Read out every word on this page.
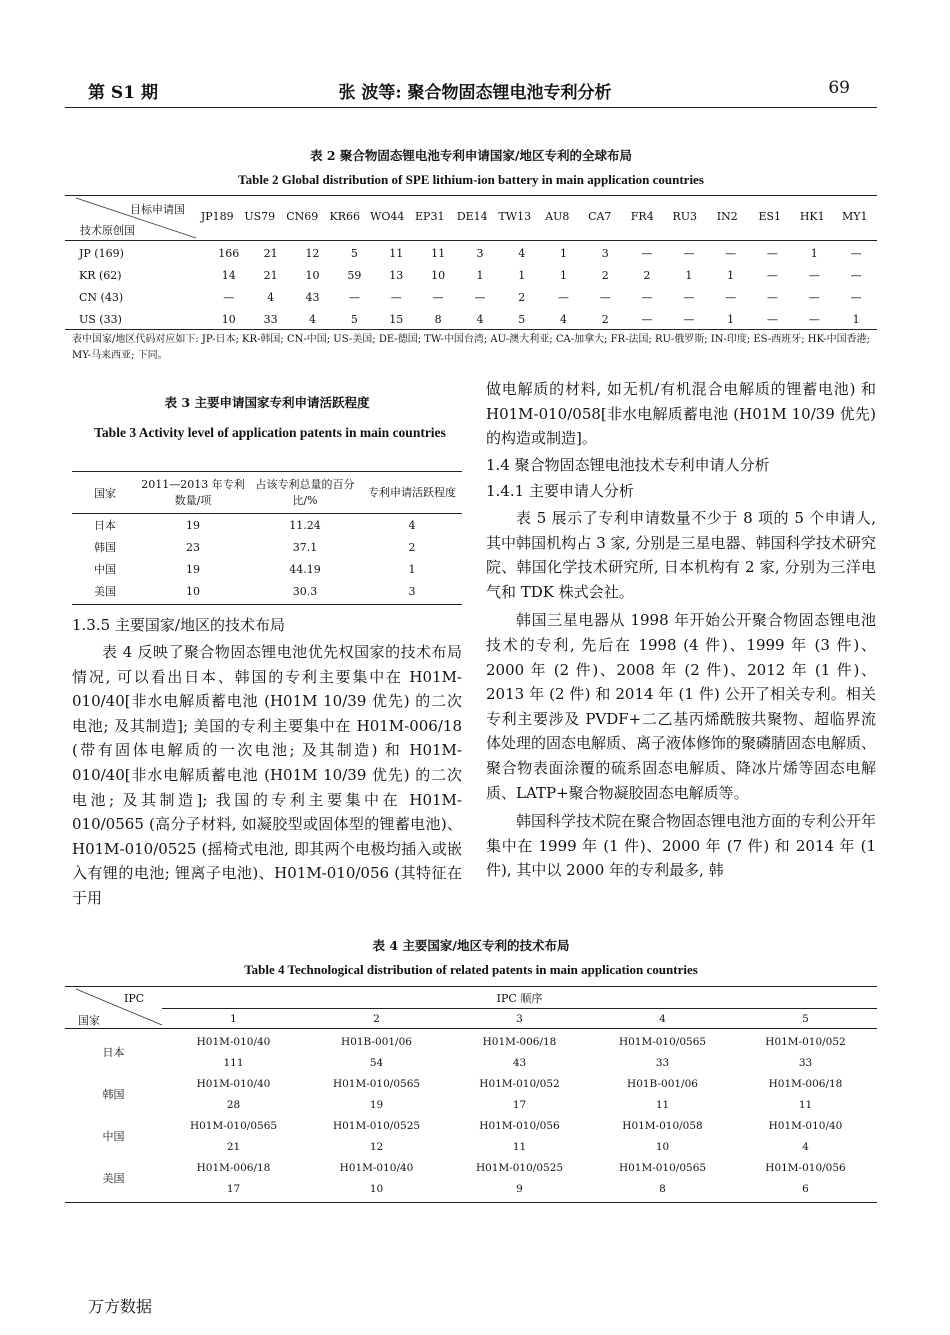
第 S1 期	张 波等: 聚合物固态锂电池专利分析	69
表 2 聚合物固态锂电池专利申请国家/地区专利的全球布局
Table 2 Global distribution of SPE lithium-ion battery in main application countries
目标申请国
技术原创国
JP189	US79	CN69	KR66	WO44	EP31	DE14	TW13	AU8	CA7	FR4	RU3	IN2	ES1	HK1	MY1
JP (169)	166	21	12	5	11	11	3	4	1	3	—	—	—	—	1	—
KR (62)	14	21	10	59	13	10	1	1	1	2	2	1	1	—	—	—
CN (43)	—	4	43	—	—	—	—	2	—	—	—	—	—	—	—	—
US (33)	10	33	4	5	15	8	4	5	4	2	—	—	1	—	—	1
表中国家/地区代码对应如下: JP-日本; KR-韩国; CN-中国; US-美国; DE-德国; TW-中国台湾; AU-澳大利亚; CA-加拿大; FR-法国; RU-俄罗斯; IN-印度; ES-西班牙; HK-中国香港; MY-马来西亚; 下同。
表 3 主要申请国家专利申请活跃程度
Table 3 Activity level of application patents in main countries
国家	2011—2013 年专利数量/项	占该专利总量的百分比/%	专利申请活跃程度
日本	19	11.24	4
韩国	23	37.1	2
中国	19	44.19	1
美国	10	30.3	3
1.3.5 主要国家/地区的技术布局

表 4 反映了聚合物固态锂电池优先权国家的技术布局情况, 可以看出日本、韩国的专利主要集中在 H01M-010/40[非水电解质蓄电池 (H01M 10/39 优先) 的二次电池; 及其制造]; 美国的专利主要集中在 H01M-006/18 (带有固体电解质的一次电池; 及其制造) 和 H01M-010/40[非水电解质蓄电池 (H01M 10/39 优先) 的二次电池; 及其制造]; 我国的专利主要集中在 H01M-010/0565 (高分子材料, 如凝胶型或固体型的锂蓄电池)、H01M-010/0525 (摇椅式电池, 即其两个电极均插入或嵌入有锂的电池; 锂离子电池)、H01M-010/056 (其特征在于用

做电解质的材料, 如无机/有机混合电解质的锂蓄电池) 和 H01M-010/058[非水电解质蓄电池 (H01M 10/39 优先) 的构造或制造]。

1.4 聚合物固态锂电池技术专利申请人分析

1.4.1 主要申请人分析

表 5 展示了专利申请数量不少于 8 项的 5 个申请人, 其中韩国机构占 3 家, 分别是三星电器、韩国科学技术研究院、韩国化学技术研究所, 日本机构有 2 家, 分别为三洋电气和 TDK 株式会社。

韩国三星电器从 1998 年开始公开聚合物固态锂电池技术的专利, 先后在 1998 (4 件)、1999 年 (3 件)、2000 年 (2 件)、2008 年 (2 件)、2012 年 (1 件)、2013 年 (2 件) 和 2014 年 (1 件) 公开了相关专利。相关专利主要涉及 PVDF+二乙基丙烯酰胺共聚物、超临界流体处理的固态电解质、离子液体修饰的聚磷腈固态电解质、聚合物表面涂覆的硫系固态电解质、降冰片烯等固态电解质、LATP+聚合物凝胶固态电解质等。

韩国科学技术院在聚合物固态锂电池方面的专利公开年集中在 1999 年 (1 件)、2000 年 (7 件) 和 2014 年 (1 件), 其中以 2000 年的专利最多, 韩

表 4 主要国家/地区专利的技术布局
Table 4 Technological distribution of related patents in main application countries
IPC
国家
IPC 顺序
1	2	3	4	5
日本	H01M-010/40	H01B-001/06	H01M-006/18	H01M-010/0565	H01M-010/052
	111	54	43	33	33
韩国	H01M-010/40	H01M-010/0565	H01M-010/052	H01B-001/06	H01M-006/18
	28	19	17	11	11
中国	H01M-010/0565	H01M-010/0525	H01M-010/056	H01M-010/058	H01M-010/40
	21	12	11	10	4
美国	H01M-006/18	H01M-010/40	H01M-010/0525	H01M-010/0565	H01M-010/056
	17	10	9	8	6
万方数据
